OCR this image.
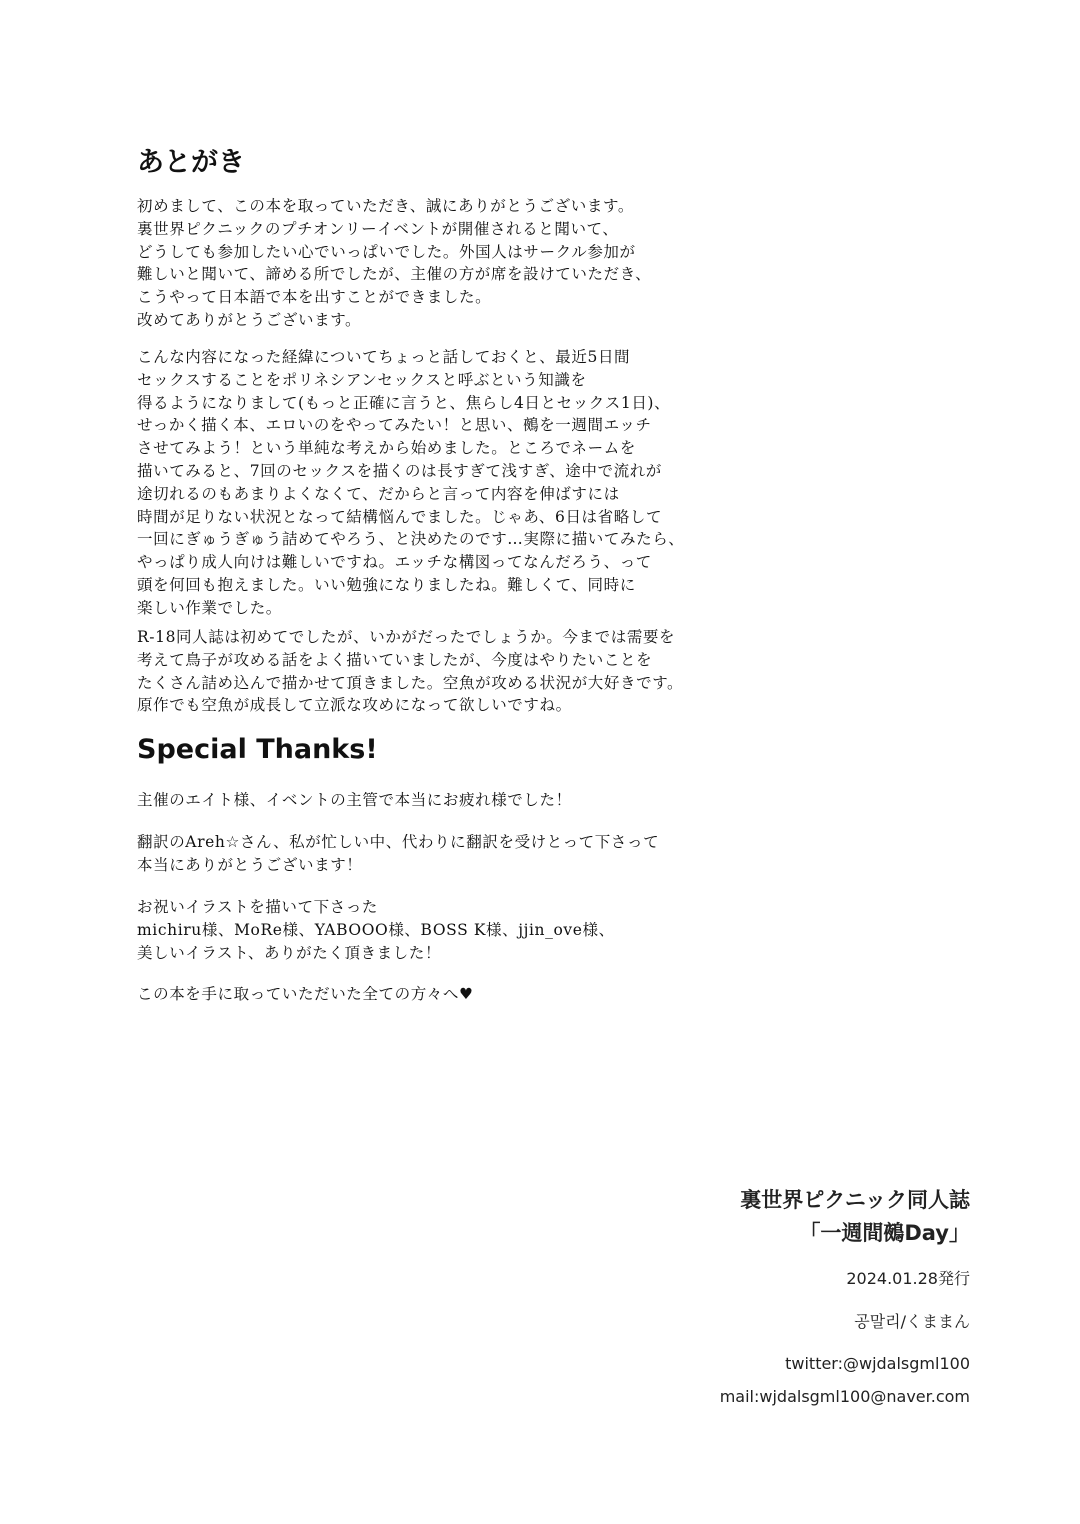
あとがき
初めまして、この本を取っていただき、誠にありがとうございます。
裏世界ピクニックのプチオンリーイベントが開催されると聞いて、
どうしても参加したい心でいっぱいでした。外国人はサークル参加が
難しいと聞いて、諦める所でしたが、主催の方が席を設けていただき、
こうやって日本語で本を出すことができました。
改めてありがとうございます。
こんな内容になった経緯についてちょっと話しておくと、最近5日間
セックスすることをポリネシアンセックスと呼ぶという知識を
得るようになりまして(もっと正確に言うと、焦らし4日とセックス1日)、
せっかく描く本、エロいのをやってみたい！と思い、鵺を一週間エッチ
させてみよう！という単純な考えから始めました。ところでネームを
描いてみると、7回のセックスを描くのは長すぎて浅すぎ、途中で流れが
途切れるのもあまりよくなくて、だからと言って内容を伸ばすには
時間が足りない状況となって結構悩んでました。じゃあ、6日は省略して
一回にぎゅうぎゅう詰めてやろう、と決めたのです…実際に描いてみたら、
やっぱり成人向けは難しいですね。エッチな構図ってなんだろう、って
頭を何回も抱えました。いい勉強になりましたね。難しくて、同時に
楽しい作業でした。
R-18同人誌は初めてでしたが、いかがだったでしょうか。今までは需要を
考えて鳥子が攻める話をよく描いていましたが、今度はやりたいことを
たくさん詰め込んで描かせて頂きました。空魚が攻める状況が大好きです。
原作でも空魚が成長して立派な攻めになって欲しいですね。
Special Thanks!
主催のエイト様、イベントの主管で本当にお疲れ様でした！
翻訳のAreh☆さん、私が忙しい中、代わりに翻訳を受けとって下さって
本当にありがとうございます！
お祝いイラストを描いて下さった
michiru様、MoRe様、YABOOO様、BOSS K様、jjin_ove様、
美しいイラスト、ありがたく頂きました！
この本を手に取っていただいた全ての方々へ♥
裏世界ピクニック同人誌
「一週間鵺Day」
2024.01.28発行
공말리/くままん
twitter:@wjdalsgml100
mail:wjdalsgml100@naver.com
